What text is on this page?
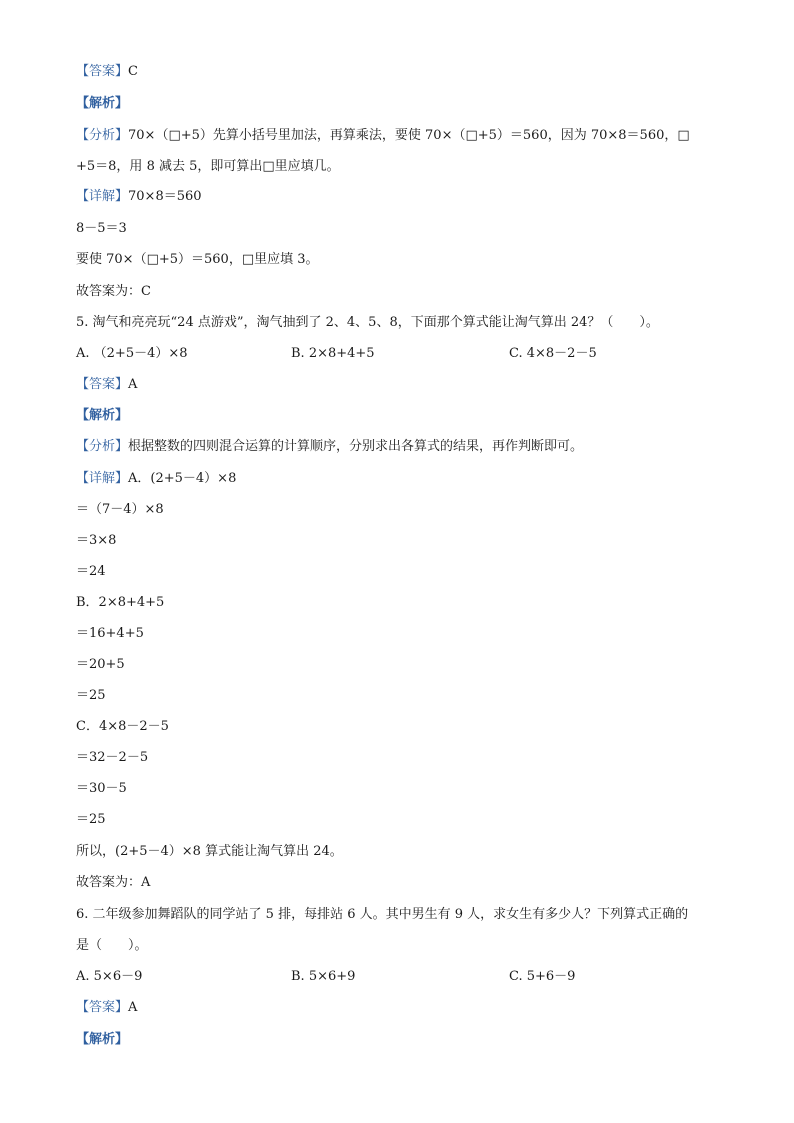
【答案】C
【解析】
【分析】70×（□+5）先算小括号里加法，再算乘法，要使 70×（□+5）＝560，因为 70×8＝560，□
+5＝8，用 8 减去 5，即可算出□里应填几。
【详解】70×8＝560
8－5＝3
要使 70×（□+5）＝560，□里应填 3。
故答案为：C
5. 淘气和亮亮玩“24 点游戏”，淘气抽到了 2、4、5、8，下面那个算式能让淘气算出 24？（　　）。
A. （2+5－4）×8	B. 2×8+4+5	C. 4×8－2－5
【答案】A
【解析】
【分析】根据整数的四则混合运算的计算顺序，分别求出各算式的结果，再作判断即可。
【详解】A．(2+5－4）×8
＝（7－4）×8
＝3×8
＝24
B．2×8+4+5
＝16+4+5
＝20+5
＝25
C．4×8－2－5
＝32－2－5
＝30－5
＝25
所以，(2+5－4）×8 算式能让淘气算出 24。
故答案为：A
6. 二年级参加舞蹈队的同学站了 5 排，每排站 6 人。其中男生有 9 人，求女生有多少人？下列算式正确的
是（　　）。
A. 5×6－9	B. 5×6+9	C. 5+6－9
【答案】A
【解析】
